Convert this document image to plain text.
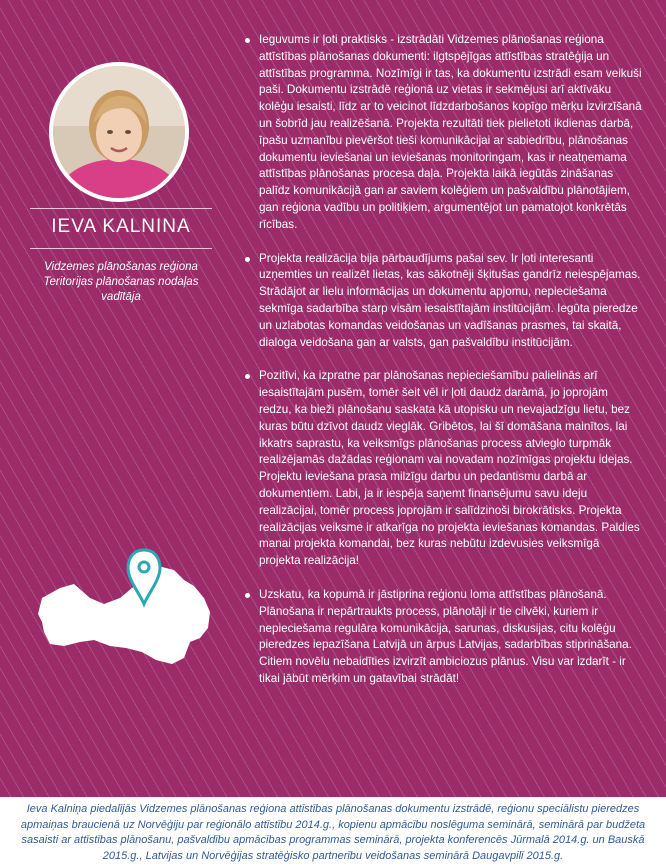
IEVA KALNINA
Vidzemes plānošanas reģiona Teritorijas plānošanas nodaļas vadītāja
Ieguvums ir ļoti praktisks - izstrādāti Vidzemes plānošanas reģiona attīstības plānošanas dokumenti: ilgtspējīgas attīstības stratēģija un attīstības programma. Nozīmīgi ir tas, ka dokumentu izstrādi esam veikuši paši. Dokumentu izstrādē reģionā uz vietas ir sekmējusi arī aktīvāku kolēģu iesaisti, līdz ar to veicinot līdzdarbošanos kopīgo mērķu izvirzīšanā un šobrīd jau realizēšanā. Projekta rezultāti tiek pielietoti ikdienas darbā, īpašu uzmanību pievēršot tieši komunikācijai ar sabiedrību, plānošanas dokumentu ieviešanai un ieviešanas monitoringam, kas ir neatņemama attīstības plānošanas procesa daļa. Projekta laikā iegūtās zināšanas palīdz komunikācijā gan ar saviem kolēģiem un pašvaldību plānotājiem, gan reģiona vadību un politiķiem, argumentējot un pamatojot konkrētās rīcības.
Projekta realizācija bija pārbaudījums pašai sev. Ir ļoti interesanti uzņemties un realizēt lietas, kas sākotnēji šķitušas gandrīz neiespējamas. Strādājot ar lielu informācijas un dokumentu apjomu, nepieciešama sekmīga sadarbība starp visām iesaistītajām institūcijām. Iegūta pieredze un uzlabotas komandas veidošanas un vadīšanas prasmes, tai skaitā, dialoga veidošana gan ar valsts, gan pašvaldību institūcijām.
Pozitīvi, ka izpratne par plānošanas nepieciešamību palielinās arī iesaistītajām pusēm, tomēr šeit vēl ir ļoti daudz darāmā, jo joprojām redzu, ka bieži plānošanu saskata kā utopisku un nevajadzīgu lietu, bez kuras būtu dzīvot daudz vieglāk. Gribētos, lai šī domāšana mainītos, lai ikkatrs saprastu, ka veiksmīgs plānošanas process atvieglo turpmāk realizējamās dažādas reģionam vai novadam nozīmīgas projektu idejas. Projektu ieviešana prasa milzīgu darbu un pedantismu darbā ar dokumentiem. Labi, ja ir iespēja saņemt finansējumu savu ideju realizācijai, tomēr process joprojām ir salīdzinoši birokrātisks. Projekta realizācijas veiksme ir atkarīga no projekta ieviešanas komandas. Paldies manai projekta komandai, bez kuras nebūtu izdevusies veiksmīgā projekta realizācija!
Uzskatu, ka kopumā ir jāstiprina reģionu loma attīstības plānošanā. Plānošana ir nepārtraukts process, plānotāji ir tie cilvēki, kuriem ir nepieciešama regulāra komunikācija, sarunas, diskusijas, citu kolēģu pieredzes iepazīšana Latvijā un ārpus Latvijas, sadarbības stiprināšana. Citiem novēlu nebaidīties izvirzīt ambiciozus plānus. Visu var izdarīt - ir tikai jābūt mērķim un gatavībai strādāt!

Ieva Kalniņa piedalījās Vidzemes plānošanas reģiona attīstības plānošanas dokumentu izstrādē, reģionu speciālistu pieredzes apmaiņas braucienā uz Norvēģiju par reģionālo attīstību 2014.g., kopienu apmācību noslēguma seminārā, seminārā par budžeta sasaisti ar attīstības plānošanu, pašvaldību apmācības programmas seminārā, projekta konferencēs Jūrmalā 2014.g. un Bauskā 2015.g., Latvijas un Norvēģijas stratēģisko partnerību veidošanas seminārā Daugavpilī 2015.g.
